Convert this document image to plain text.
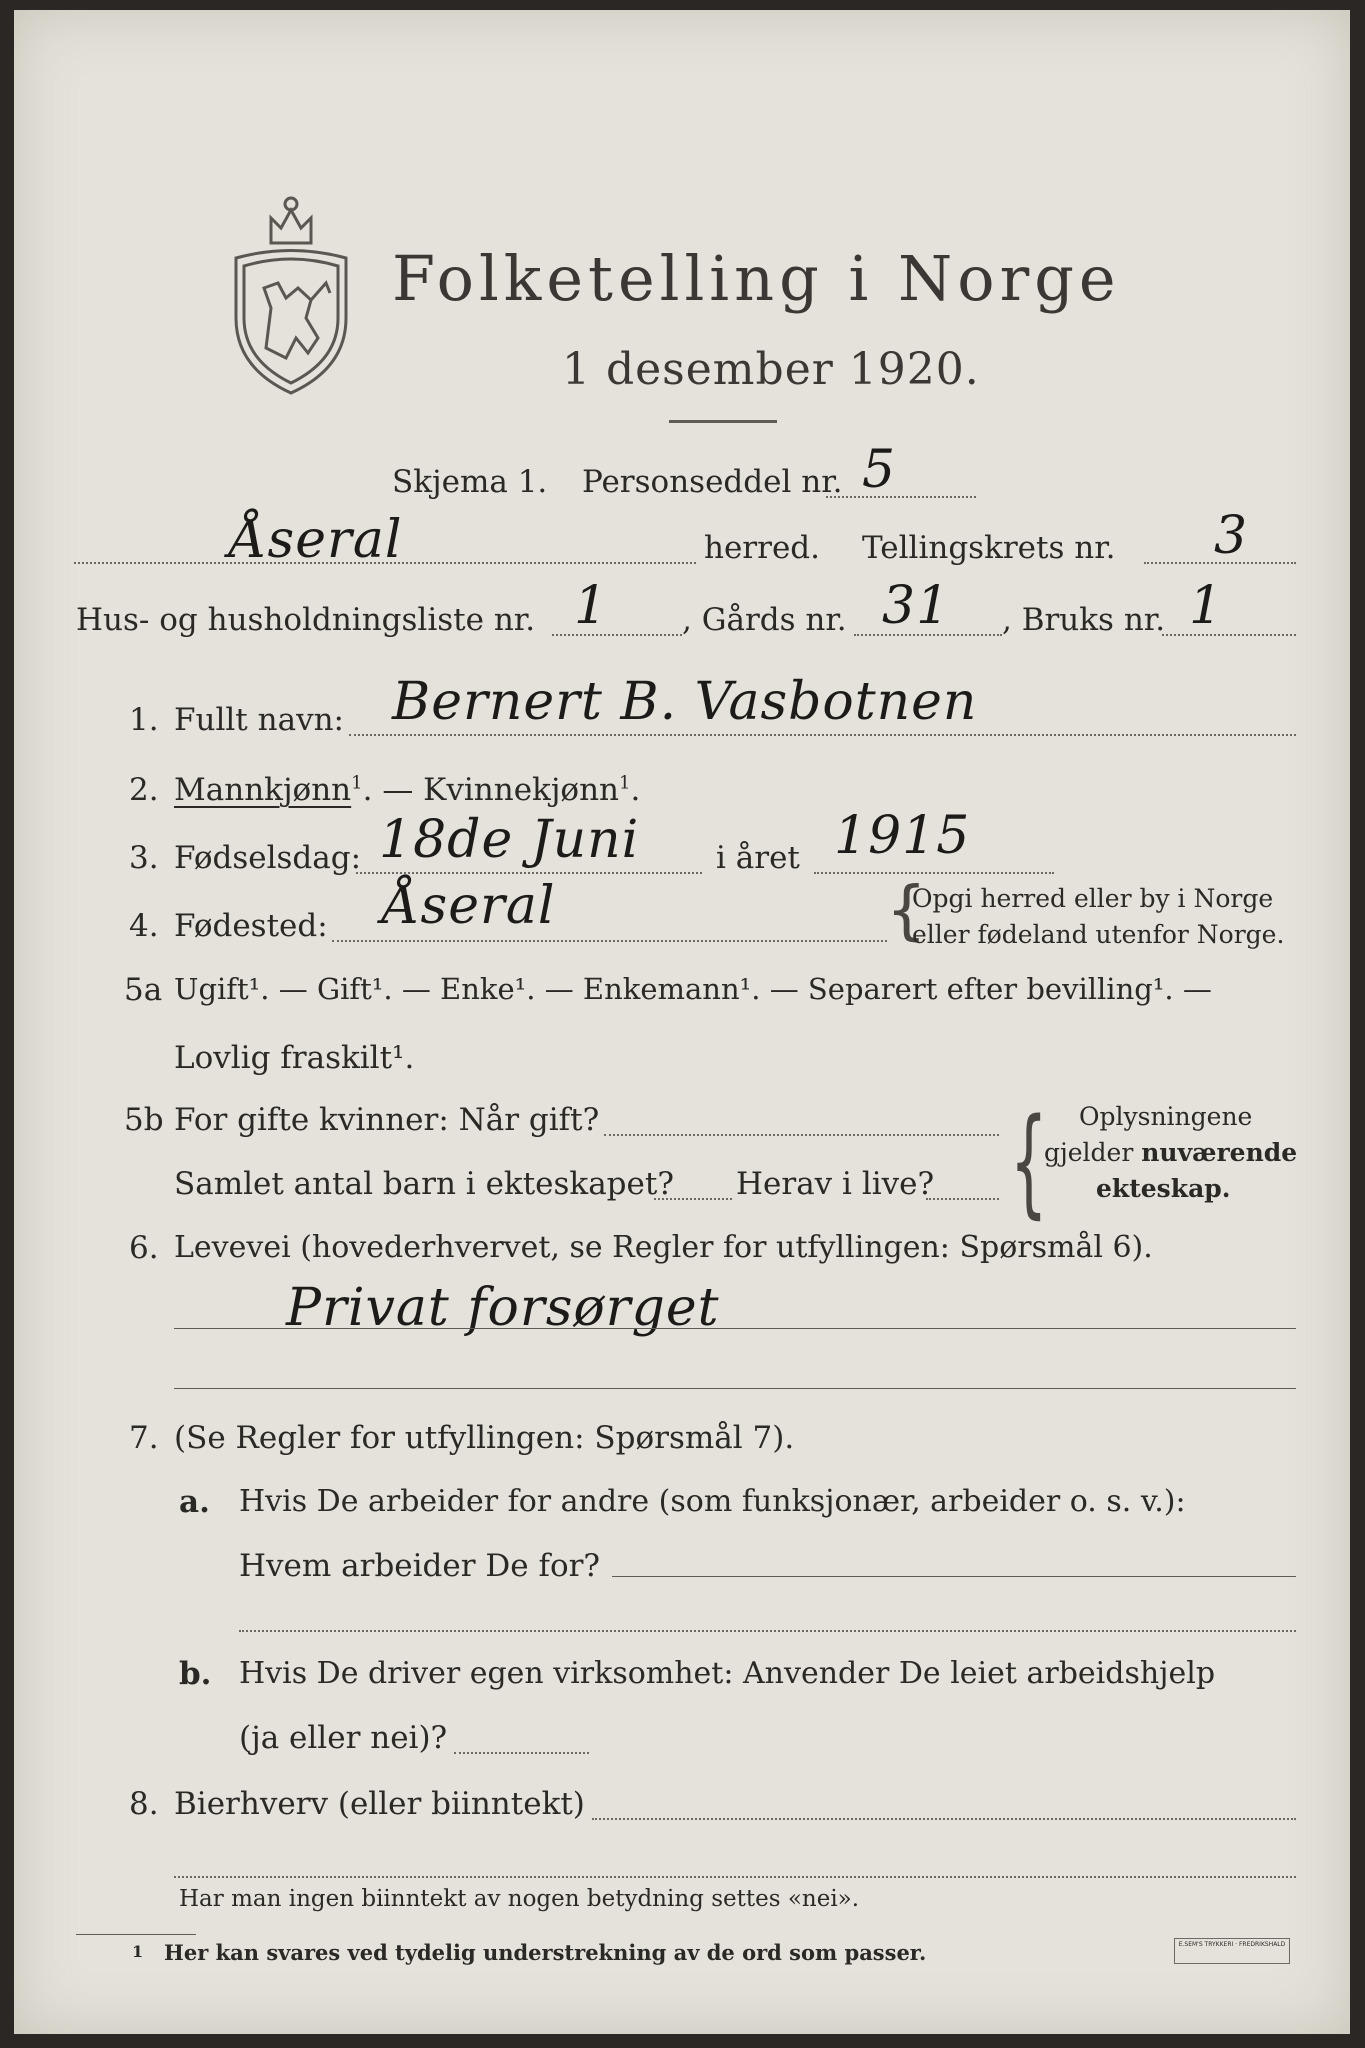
Folketelling i Norge
1 desember 1920.
Skjema 1. Personseddel nr. 5
Åseral	herred. Tellingskrets nr. 3
Hus- og husholdningsliste nr. 1 , Gårds nr. 31 , Bruks nr. 1
1. Fullt navn: Bernert B. Vasbotnen
2. Mannkjønn$^1$. — Kvinnekjønn$^1$.
3. Fødselsdag: 18de Juni i året 1915
4. Fødested: Åseral	{
Opgi herred eller by i Norge
eller fødeland utenfor Norge.
5a Ugift¹. — Gift¹. — Enke¹. — Enkemann¹. — Separert efter bevilling¹. —
Lovlig fraskilt¹.
5b For gifte kvinner: Når gift?
Samlet antal barn i ekteskapet? Herav i live? { Oplysningene
gjelder nuværende
ekteskap.
6. Levevei (hovederhvervet, se Regler for utfyllingen: Spørsmål 6).
Privat forsørget
7. (Se Regler for utfyllingen: Spørsmål 7).
a. Hvis De arbeider for andre (som funksjonær, arbeider o. s. v.):
Hvem arbeider De for?
b. Hvis De driver egen virksomhet: Anvender De leiet arbeidshjelp
(ja eller nei)?
8. Bierhverv (eller biinntekt)
Har man ingen biinntekt av nogen betydning settes «nei».
1 Her kan svares ved tydelig understrekning av de ord som passer.	E.SEM'S TRYKKERI · FREDRIKSHALD
